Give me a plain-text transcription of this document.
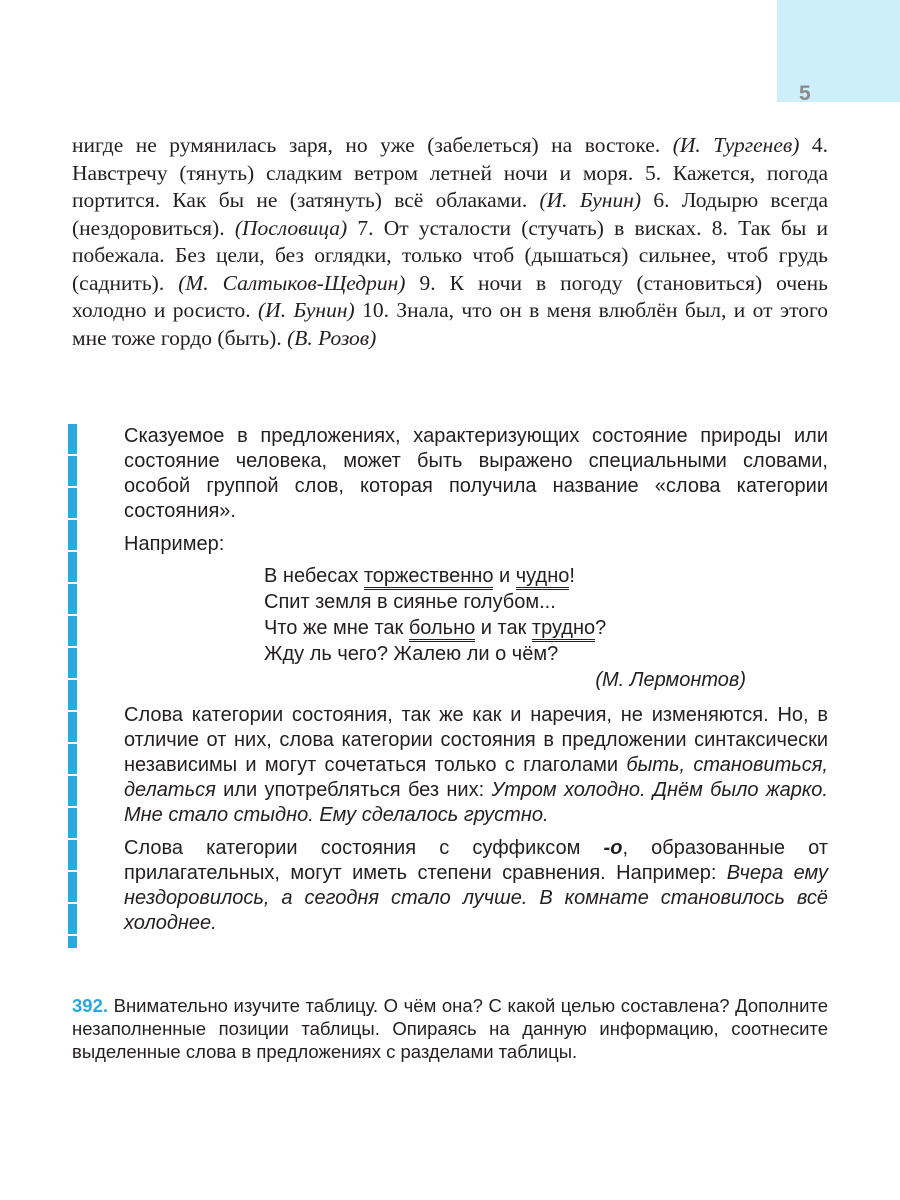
5

нигде не румянилась заря, но уже (забелеться) на востоке. (И. Тургенев) 4. Навстречу (тянуть) сладким ветром летней ночи и моря. 5. Кажется, погода портится. Как бы не (затянуть) всё облаками. (И. Бунин) 6. Лодырю всегда (нездоровиться). (Пословица) 7. От усталости (стучать) в висках. 8. Так бы и побежала. Без цели, без оглядки, только чтоб (дышаться) сильнее, чтоб грудь (саднить). (М. Салтыков-Щедрин) 9. К ночи в погоду (становиться) очень холодно и росисто. (И. Бунин) 10. Знала, что он в меня влюблён был, и от этого мне тоже гордо (быть). (В. Розов)

Сказуемое в предложениях, характеризующих состояние природы или состояние человека, может быть выражено специальными словами, особой группой слов, которая получила название «слова категории состояния».

Например:

В небесах торжественно и чудно!
Спит земля в сиянье голубом...
Что же мне так больно и так трудно?
Жду ль чего? Жалею ли о чём?
(М. Лермонтов)

Слова категории состояния, так же как и наречия, не изменяются. Но, в отличие от них, слова категории состояния в предложении синтаксически независимы и могут сочетаться только с глаголами быть, становиться, делаться или употребляться без них: Утром холодно. Днём было жарко. Мне стало стыдно. Ему сделалось грустно.

Слова категории состояния с суффиксом -о, образованные от прилагательных, могут иметь степени сравнения. Например: Вчера ему нездоровилось, а сегодня стало лучше. В комнате становилось всё холоднее.

392. Внимательно изучите таблицу. О чём она? С какой целью составлена? Дополните незаполненные позиции таблицы. Опираясь на данную информацию, соотнесите выделенные слова в предложениях с разделами таблицы.
